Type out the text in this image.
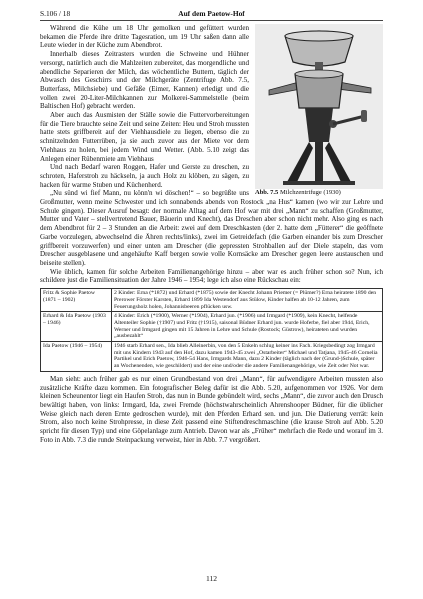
S.106 / 18	Auf dem Paetow-Hof
Abb. 7.5 Milchzentrifuge (1930)

Während die Kühe um 18 Uhr gemolken und gefüttert wurden bekamen die Pferde ihre dritte Tagesration, um 19 Uhr saßen dann alle Leute wieder in der Küche zum Abendbrot.

Innerhalb dieses Zeitrasters wurden die Schweine und Hühner versorgt, natürlich auch die Mahlzeiten zubereitet, das morgendliche und abendliche Separieren der Milch, das wöchentliche Buttern, täglich der Abwasch des Geschirrs und der Milchgeräte (Zentrifuge Abb. 7.5, Butterfass, Milchsiebe) und Gefäße (Eimer, Kannen) erledigt und die vollen zwei 20-Liter-Milchkannen zur Molkerei-Sammelstelle (beim Baltischen Hof) gebracht werden.

Aber auch das Ausmisten der Ställe sowie die Futtervorbereitungen für die Tiere brauchte seine Zeit und seine Zeiten: Heu und Stroh mussten hatte stets griffbereit auf der Viehhausdiele zu liegen, ebenso die zu schnitzelnden Futterrüben, ja sie auch zuvor aus der Miete vor dem Viehhaus zu holen, bei jedem Wind und Wetter. (Abb. 5.10 zeigt das Anlegen einer Rübenmiete am Viehhaus

Und nach Bedarf waren Roggen, Hafer und Gerste zu dreschen, zu schroten, Haferstroh zu häckseln, ja auch Holz zu klöben, zu sägen, zu hacken für warme Stuben und Küchenherd.

„Nu sünd wi fief Mann, nu könn'n wi döschen!“ – so begrüßte uns Großmutter, wenn meine Schwester und ich sonnabends abends von Rostock „na Hus“ kamen (wo wir zur Lehre und Schule gingen). Dieser Ausruf besagt: der normale Alltag auf dem Hof war mit drei „Mann“ zu schaffen (Großmutter, Mutter und Vater – stellvertretend Bauer, Bäuerin und Knecht), das Dreschen aber schon nicht mehr. Also ging es nach dem Abendbrot für 2 – 3 Stunden an die Arbeit: zwei auf dem Dreschkasten (der 2. hatte dem „Fütterer“ die geöffnete Garbe vorzulegen, abwechselnd die Ähren rechts/links), zwei im Getreidefach (die Garben einander bis zum Drescher griffbereit vorzuwerfen) und einer unten am Drescher (die gepressten Strohballen auf der Diele stapeln, das vom Drescher ausgeblasene und angehäufte Kaff bergen sowie volle Kornsäcke am Drescher gegen leere austauschen und beiseite stellen).

Wie üblich, kamen für solche Arbeiten Familienangehörige hinzu – aber war es auch früher schon so? Nun, ich schildere just die Familiensituation der Jahre 1946 – 1954; lege ich also eine Rückschau ein:

Fritz & Sophie Paetow (1871 – 1902)	2 Kinder: Erna (*1872) und Erhard (*1875) sowie der Knecht Johann Priemer (= Plümer?) Erna heiratete 1890 den Prerower Förster Karsten, Erhard 1899 Ida Westendorf aus Stülow, Kinder halfen ab 10-12 Jahren, zum Feuerungsholz holen, Johannisbeeren pflücken usw.
Erhard & Ida Paetow (1903 – 1946)	4 Kinder: Erich (*1900), Werner (*1904), Erhard jun. (*1906) und Irmgard (*1909), kein Knecht, helfende Altenteiler Sophie (†1907) und Fritz (†1915), saisonal Büdner Erhard jun. wurde Hoferbe, fiel aber 1944, Erich, Werner und Irmgard gingen mit 15 Jahren in Lehre und Schule (Rostock; Güstrow), heirateten und wurden „ausbezahlt“
Ida Paetow (1946 – 1954)	1946 starb Erhard sen., Ida blieb Alleinerbin, von den 5 Enkeln schlug keiner ins Fach. Kriegsbedingt zog Irmgard mit uns Kindern 1943 auf den Hof, dazu kamen 1943-45 zwei „Ostarbeiter“ Michael und Tatjana, 1945-46 Cornelia Partikel und Erich Paetow, 1946-54 Hans, Irmgards Mann, dazu 2 Kinder (täglich nach der (Grund-)Schule, später an Wochenenden, wie geschildert) und der eine und/oder die andere Familienangehörige, wie Zeit oder Not war.

Man sieht: auch früher gab es nur einen Grundbestand von drei „Mann“, für aufwendigere Arbeiten mussten also zusätzliche Kräfte dazu kommen. Ein fotografischer Beleg dafür ist die Abb. 5.20, aufgenommen vor 1926. Vor dem kleinen Scheunentor liegt ein Haufen Stroh, das nun in Bunde gebündelt wird, sechs „Mann“, die zuvor auch den Drusch bewältigt haben, von links: Irmgard, Ida, zwei Fremde (höchstwahrscheinlich Ahrenshooper Büdner, für die üblicher Weise gleich nach deren Ernte gedroschen wurde), mit den Pferden Erhard sen. und jun. Die Datierung verrät: kein Strom, also noch keine Strohpresse, in diese Zeit passend eine Stiftendreschmaschine (die krause Stroh auf Abb. 5.20 spricht für diesen Typ) und eine Göpelanlage zum Antrieb. Davon war als „Früher“ mehrfach die Rede und worauf im 3. Foto in Abb. 7.3 die runde Steinpackung verweist, hier in Abb. 7.7 vergrößert.

112
